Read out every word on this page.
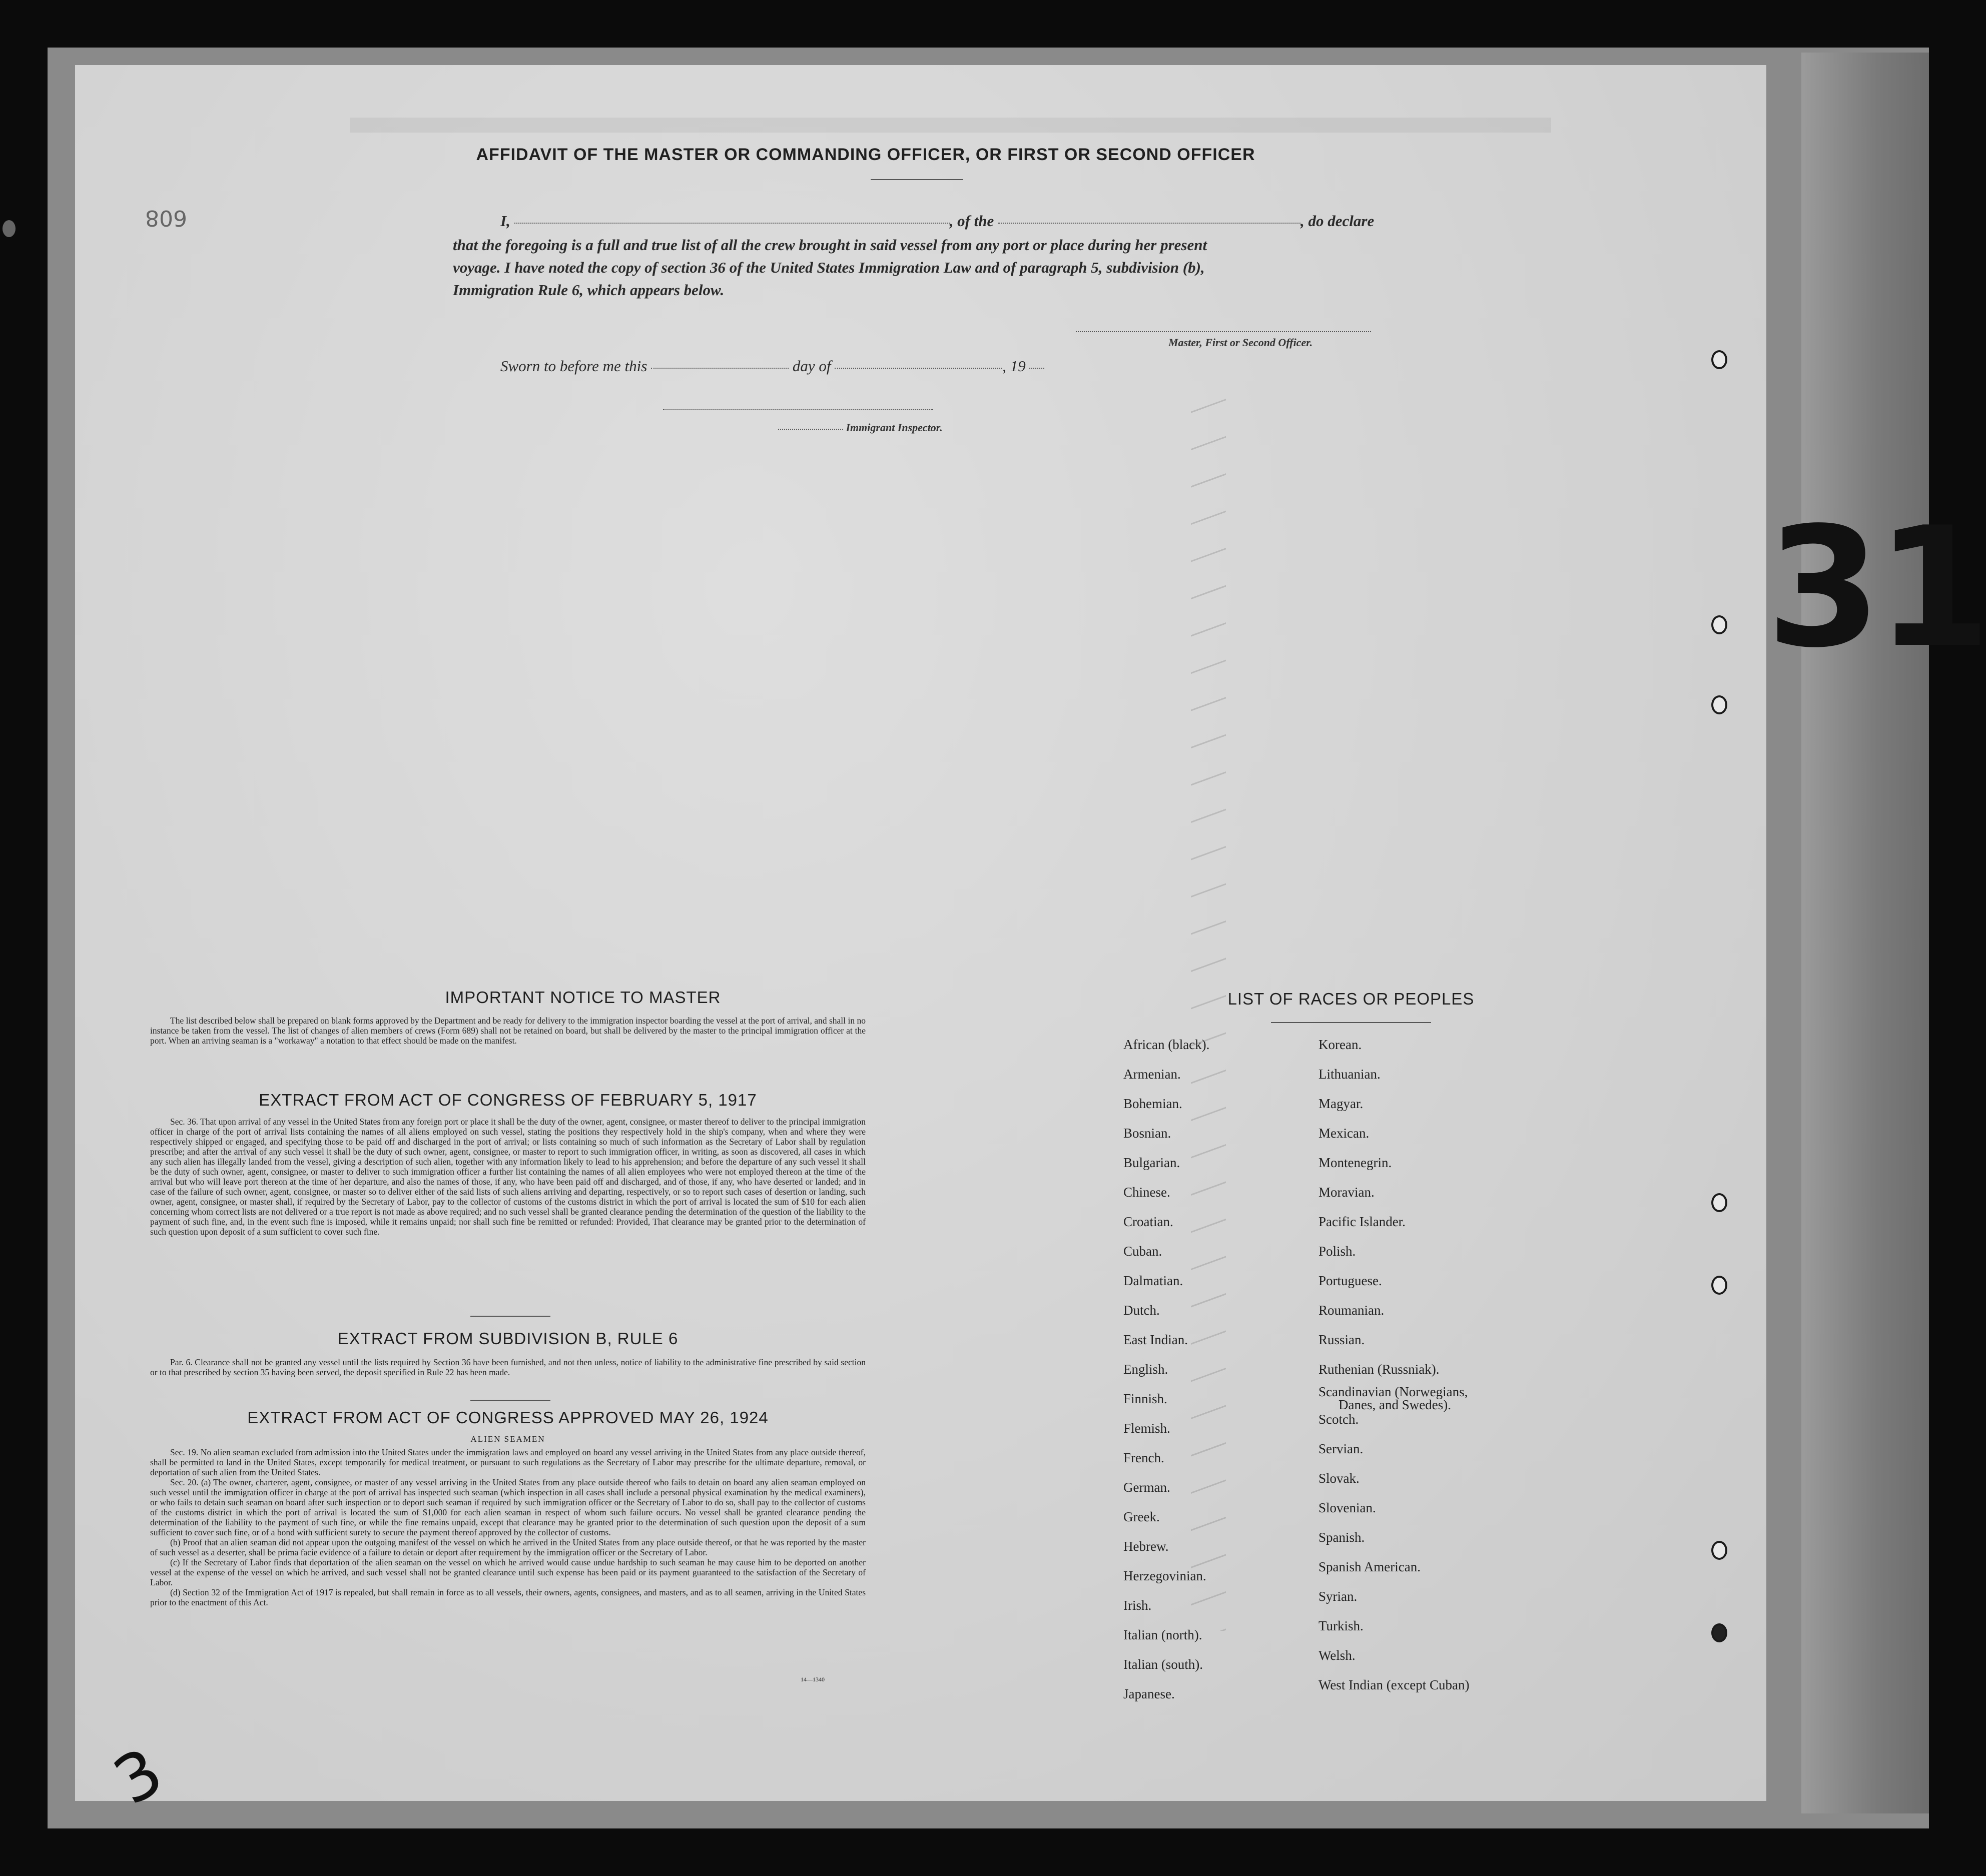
31
608
AFFIDAVIT OF THE MASTER OR COMMANDING OFFICER, OR FIRST OR SECOND OFFICER
I,	, of the	, do declare
that the foregoing is a full and true list of all the crew brought in said vessel from any port or place during her present
voyage. I have noted the copy of section 36 of the United States Immigration Law and of paragraph 5, subdivision (b),
Immigration Rule 6, which appears below.
Master, First or Second Officer.
Sworn to before me this	day of	, 19
Immigrant Inspector.
IMPORTANT NOTICE TO MASTER

The list described below shall be prepared on blank forms approved by the Department and be ready for delivery to the immigration inspector boarding the vessel at the port of arrival, and shall in no instance be taken from the vessel. The list of changes of alien members of crews (Form 689) shall not be retained on board, but shall be delivered by the master to the principal immigration officer at the port. When an arriving seaman is a "workaway" a notation to that effect should be made on the manifest.

EXTRACT FROM ACT OF CONGRESS OF FEBRUARY 5, 1917

Sec. 36. That upon arrival of any vessel in the United States from any foreign port or place it shall be the duty of the owner, agent, consignee, or master thereof to deliver to the principal immigration officer in charge of the port of arrival lists containing the names of all aliens employed on such vessel, stating the positions they respectively hold in the ship's company, when and where they were respectively shipped or engaged, and specifying those to be paid off and discharged in the port of arrival; or lists containing so much of such information as the Secretary of Labor shall by regulation prescribe; and after the arrival of any such vessel it shall be the duty of such owner, agent, consignee, or master to report to such immigration officer, in writing, as soon as discovered, all cases in which any such alien has illegally landed from the vessel, giving a description of such alien, together with any information likely to lead to his apprehension; and before the departure of any such vessel it shall be the duty of such owner, agent, consignee, or master to deliver to such immigration officer a further list containing the names of all alien employees who were not employed thereon at the time of the arrival but who will leave port thereon at the time of her departure, and also the names of those, if any, who have been paid off and discharged, and of those, if any, who have deserted or landed; and in case of the failure of such owner, agent, consignee, or master so to deliver either of the said lists of such aliens arriving and departing, respectively, or so to report such cases of desertion or landing, such owner, agent, consignee, or master shall, if required by the Secretary of Labor, pay to the collector of customs of the customs district in which the port of arrival is located the sum of $10 for each alien concerning whom correct lists are not delivered or a true report is not made as above required; and no such vessel shall be granted clearance pending the determination of the question of the liability to the payment of such fine, and, in the event such fine is imposed, while it remains unpaid; nor shall such fine be remitted or refunded: Provided, That clearance may be granted prior to the determination of such question upon deposit of a sum sufficient to cover such fine.

EXTRACT FROM SUBDIVISION B, RULE 6

Par. 6. Clearance shall not be granted any vessel until the lists required by Section 36 have been furnished, and not then unless, notice of liability to the administrative fine prescribed by said section or to that prescribed by section 35 having been served, the deposit specified in Rule 22 has been made.

EXTRACT FROM ACT OF CONGRESS APPROVED MAY 26, 1924
ALIEN SEAMEN

Sec. 19. No alien seaman excluded from admission into the United States under the immigration laws and employed on board any vessel arriving in the United States from any place outside thereof, shall be permitted to land in the United States, except temporarily for medical treatment, or pursuant to such regulations as the Secretary of Labor may prescribe for the ultimate departure, removal, or deportation of such alien from the United States.

Sec. 20. (a) The owner, charterer, agent, consignee, or master of any vessel arriving in the United States from any place outside thereof who fails to detain on board any alien seaman employed on such vessel until the immigration officer in charge at the port of arrival has inspected such seaman (which inspection in all cases shall include a personal physical examination by the medical examiners), or who fails to detain such seaman on board after such inspection or to deport such seaman if required by such immigration officer or the Secretary of Labor to do so, shall pay to the collector of customs of the customs district in which the port of arrival is located the sum of $1,000 for each alien seaman in respect of whom such failure occurs. No vessel shall be granted clearance pending the determination of the liability to the payment of such fine, or while the fine remains unpaid, except that clearance may be granted prior to the determination of such question upon the deposit of a sum sufficient to cover such fine, or of a bond with sufficient surety to secure the payment thereof approved by the collector of customs.

(b) Proof that an alien seaman did not appear upon the outgoing manifest of the vessel on which he arrived in the United States from any place outside thereof, or that he was reported by the master of such vessel as a deserter, shall be prima facie evidence of a failure to detain or deport after requirement by the immigration officer or the Secretary of Labor.

(c) If the Secretary of Labor finds that deportation of the alien seaman on the vessel on which he arrived would cause undue hardship to such seaman he may cause him to be deported on another vessel at the expense of the vessel on which he arrived, and such vessel shall not be granted clearance until such expense has been paid or its payment guaranteed to the satisfaction of the Secretary of Labor.

(d) Section 32 of the Immigration Act of 1917 is repealed, but shall remain in force as to all vessels, their owners, agents, consignees, and masters, and as to all seamen, arriving in the United States prior to the enactment of this Act.

14—1340
3
LIST OF RACES OR PEOPLES
African (black).
Armenian.
Bohemian.
Bosnian.
Bulgarian.
Chinese.
Croatian.
Cuban.
Dalmatian.
Dutch.
East Indian.
English.
Finnish.
Flemish.
French.
German.
Greek.
Hebrew.
Herzegovinian.
Irish.
Italian (north).
Italian (south).
Japanese.
Korean.
Lithuanian.
Magyar.
Mexican.
Montenegrin.
Moravian.
Pacific Islander.
Polish.
Portuguese.
Roumanian.
Russian.
Ruthenian (Russniak).
Scandinavian (Norwegians,
Danes, and Swedes).
Scotch.
Servian.
Slovak.
Slovenian.
Spanish.
Spanish American.
Syrian.
Turkish.
Welsh.
West Indian (except Cuban)
